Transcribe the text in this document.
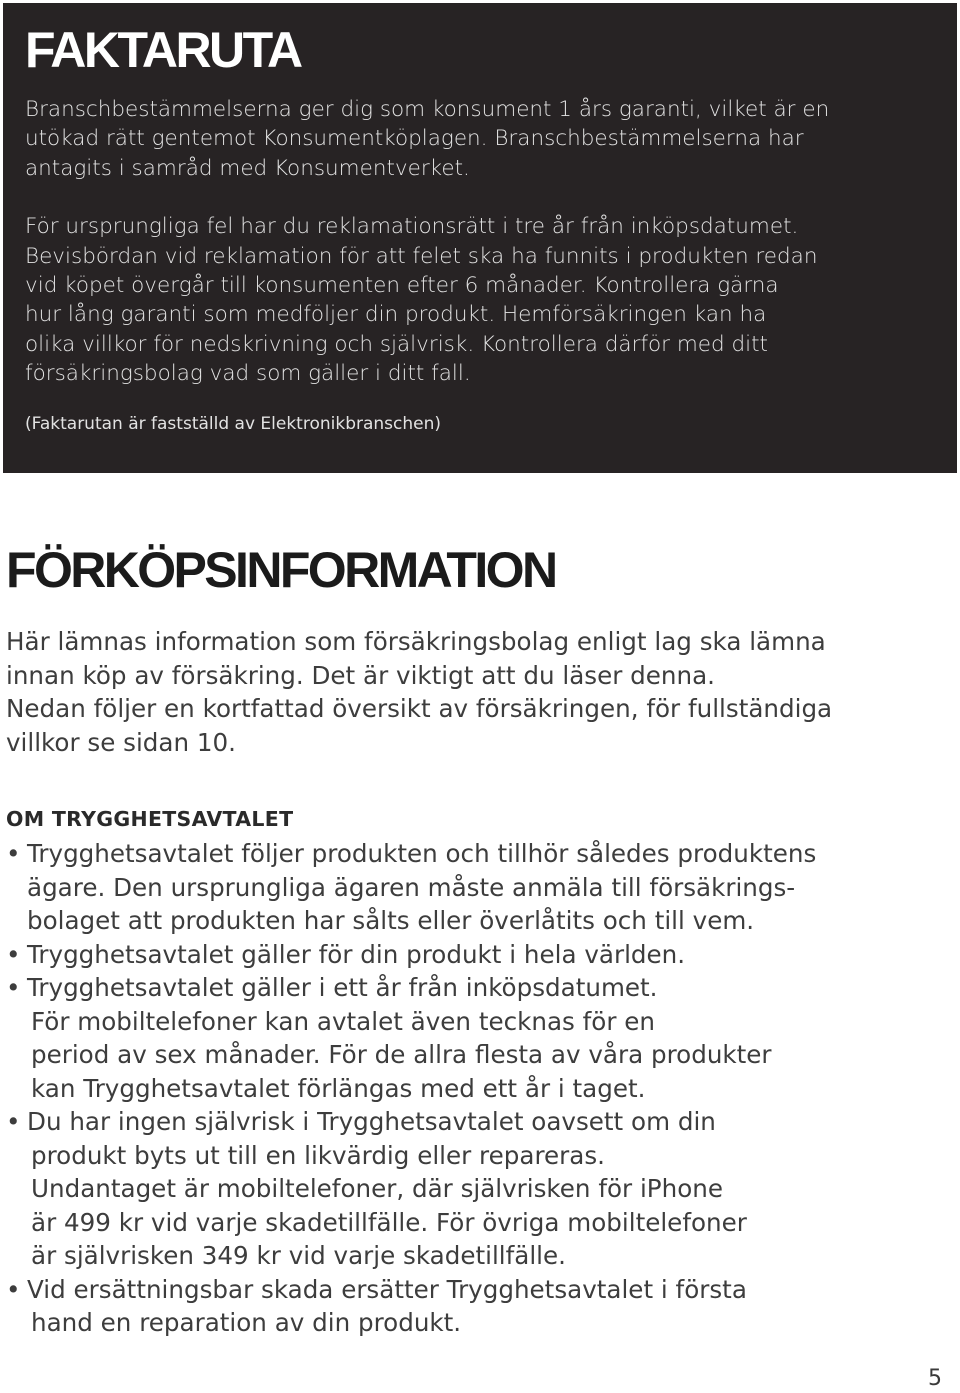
FAKTARUTA
Branschbestämmelserna ger dig som konsument 1 års garanti, vilket är en
utökad rätt gentemot Konsumentköplagen. Branschbestämmelserna har
antagits i samråd med Konsumentverket.
För ursprungliga fel har du reklamationsrätt i tre år från inköpsdatumet.
Bevisbördan vid reklamation för att felet ska ha funnits i produkten redan
vid köpet övergår till konsumenten efter 6 månader. Kontrollera gärna
hur lång garanti som medföljer din produkt. Hemförsäkringen kan ha
olika villkor för nedskrivning och självrisk. Kontrollera därför med ditt
försäkringsbolag vad som gäller i ditt fall.
(Faktarutan är fastställd av Elektronikbranschen)
FÖRKÖPSINFORMATION
Här lämnas information som försäkringsbolag enligt lag ska lämna
innan köp av försäkring. Det är viktigt att du läser denna.
Nedan följer en kortfattad översikt av försäkringen, för fullständiga
villkor se sidan 10.
OM TRYGGHETSAVTALET
• Trygghetsavtalet följer produkten och tillhör således produktens
ägare. Den ursprungliga ägaren måste anmäla till försäkrings-
bolaget att produkten har sålts eller överlåtits och till vem.
• Trygghetsavtalet gäller för din produkt i hela världen.
• Trygghetsavtalet gäller i ett år från inköpsdatumet.
För mobiltelefoner kan avtalet även tecknas för en
period av sex månader. För de allra flesta av våra produkter
kan Trygghetsavtalet förlängas med ett år i taget.
• Du har ingen självrisk i Trygghetsavtalet oavsett om din
produkt byts ut till en likvärdig eller repareras.
Undantaget är mobiltelefoner, där självrisken för iPhone
är 499 kr vid varje skadetillfälle. För övriga mobiltelefoner
är självrisken 349 kr vid varje skadetillfälle.
• Vid ersättningsbar skada ersätter Trygghetsavtalet i första
hand en reparation av din produkt.
5
